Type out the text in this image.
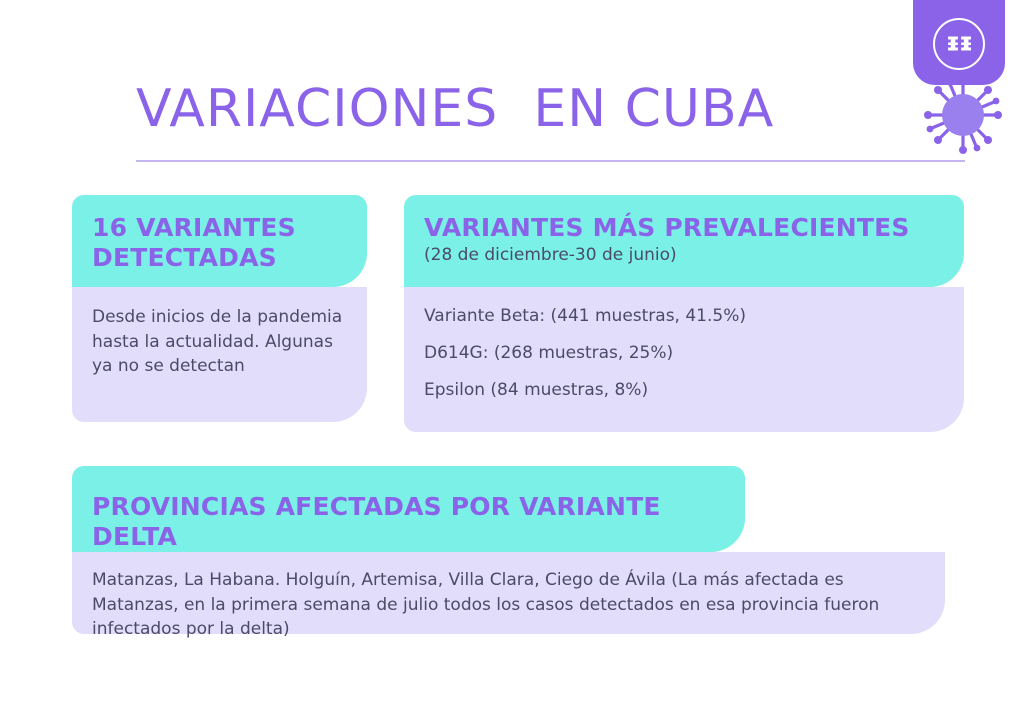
ᵻᵻ
VARIACIONES  EN CUBA
16 VARIANTES DETECTADAS
Desde inicios de la pandemia hasta la actualidad. Algunas ya no se detectan
VARIANTES MÁS PREVALECIENTES
(28 de diciembre-30 de junio)
Variante Beta: (441 muestras, 41.5%)
D614G: (268 muestras, 25%)
Epsilon (84 muestras, 8%)
PROVINCIAS AFECTADAS POR VARIANTE DELTA
Matanzas, La Habana. Holguín, Artemisa, Villa Clara, Ciego de Ávila (La más afectada es Matanzas, en la primera semana de julio todos los casos detectados en esa provincia fueron infectados por la delta)
